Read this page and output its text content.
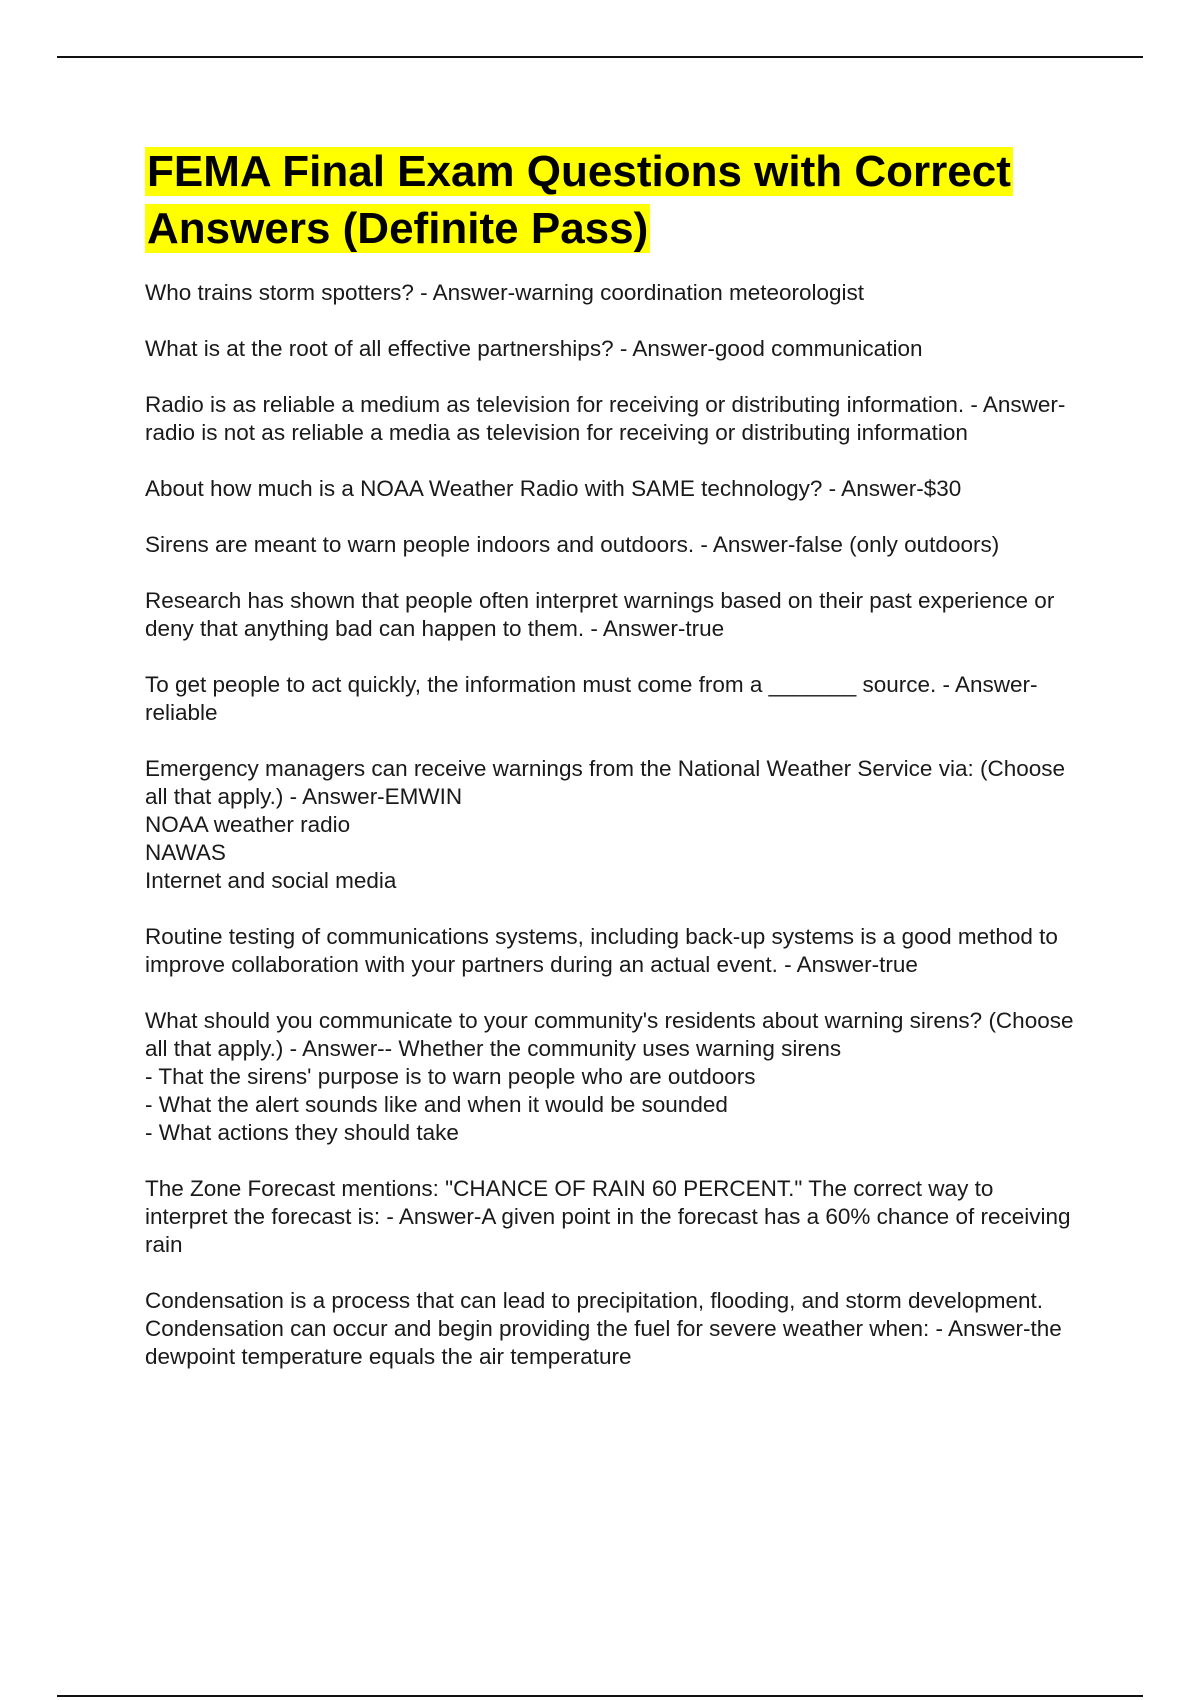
FEMA Final Exam Questions with Correct Answers (Definite Pass)

Who trains storm spotters? - Answer-warning coordination meteorologist

What is at the root of all effective partnerships? - Answer-good communication

Radio is as reliable a medium as television for receiving or distributing information. - Answer-radio is not as reliable a media as television for receiving or distributing information

About how much is a NOAA Weather Radio with SAME technology? - Answer-$30

Sirens are meant to warn people indoors and outdoors. - Answer-false (only outdoors)

Research has shown that people often interpret warnings based on their past experience or deny that anything bad can happen to them. - Answer-true

To get people to act quickly, the information must come from a _______ source. - Answer-reliable

Emergency managers can receive warnings from the National Weather Service via: (Choose all that apply.) - Answer-EMWIN
NOAA weather radio
NAWAS
Internet and social media

Routine testing of communications systems, including back-up systems is a good method to improve collaboration with your partners during an actual event. - Answer-true

What should you communicate to your community's residents about warning sirens? (Choose all that apply.) - Answer-- Whether the community uses warning sirens
- That the sirens' purpose is to warn people who are outdoors
- What the alert sounds like and when it would be sounded
- What actions they should take

The Zone Forecast mentions: "CHANCE OF RAIN 60 PERCENT." The correct way to interpret the forecast is: - Answer-A given point in the forecast has a 60% chance of receiving rain

Condensation is a process that can lead to precipitation, flooding, and storm development. Condensation can occur and begin providing the fuel for severe weather when: - Answer-the dewpoint temperature equals the air temperature
